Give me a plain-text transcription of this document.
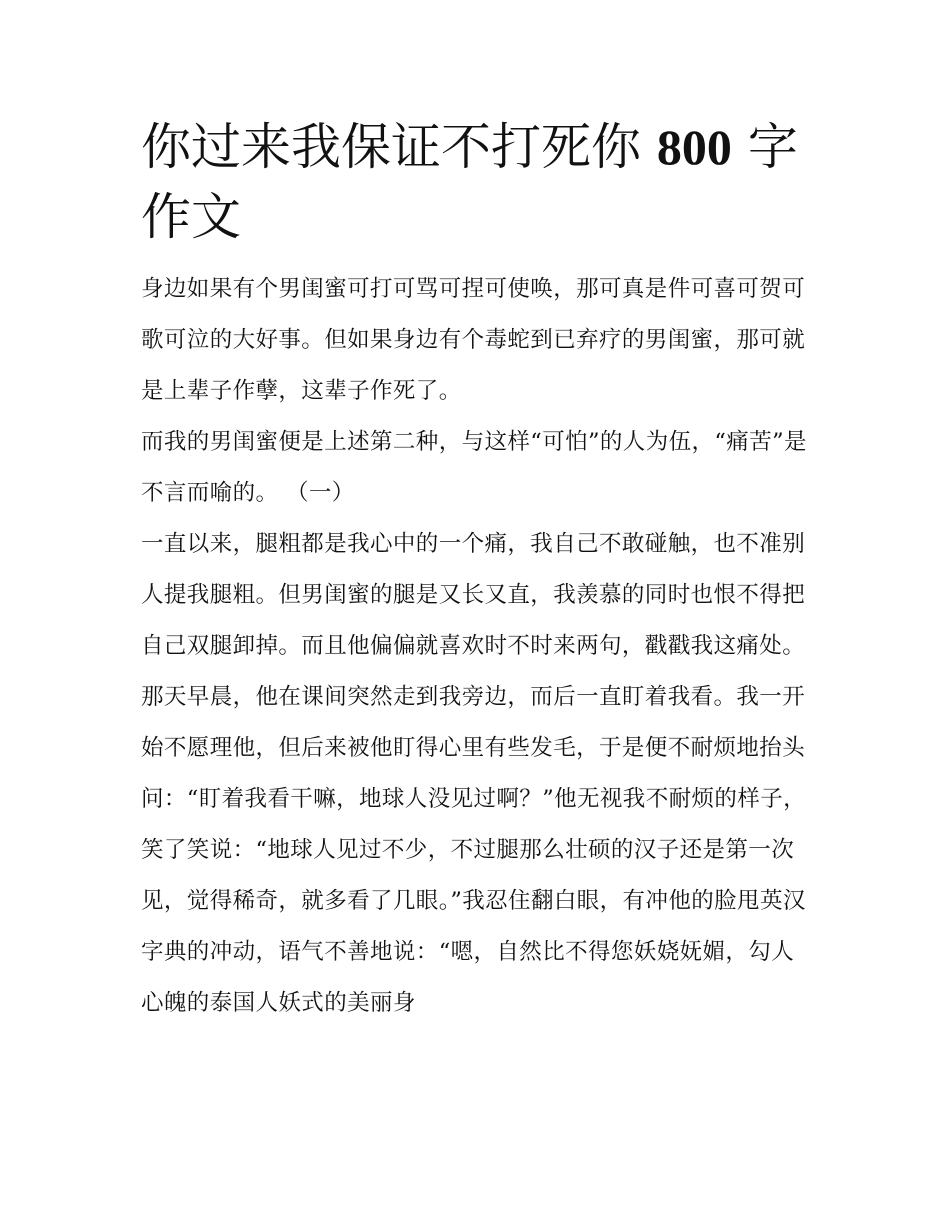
你过来我保证不打死你 800 字作文

身边如果有个男闺蜜可打可骂可捏可使唤，那可真是件可喜可贺可歌可泣的大好事。但如果身边有个毒蛇到已弃疗的男闺蜜，那可就是上辈子作孽，这辈子作死了。

而我的男闺蜜便是上述第二种，与这样“可怕”的人为伍，“痛苦”是不言而喻的。 （一）

一直以来，腿粗都是我心中的一个痛，我自己不敢碰触，也不准别人提我腿粗。但男闺蜜的腿是又长又直，我羡慕的同时也恨不得把自己双腿卸掉。而且他偏偏就喜欢时不时来两句，戳戳我这痛处。

那天早晨，他在课间突然走到我旁边，而后一直盯着我看。我一开始不愿理他，但后来被他盯得心里有些发毛，于是便不耐烦地抬头问：“盯着我看干嘛，地球人没见过啊？”他无视我不耐烦的样子，笑了笑说：“地球人见过不少，不过腿那么壮硕的汉子还是第一次见，觉得稀奇，就多看了几眼。”我忍住翻白眼，有冲他的脸甩英汉字典的冲动，语气不善地说：“嗯，自然比不得您妖娆妩媚，勾人心魄的泰国人妖式的美丽身
